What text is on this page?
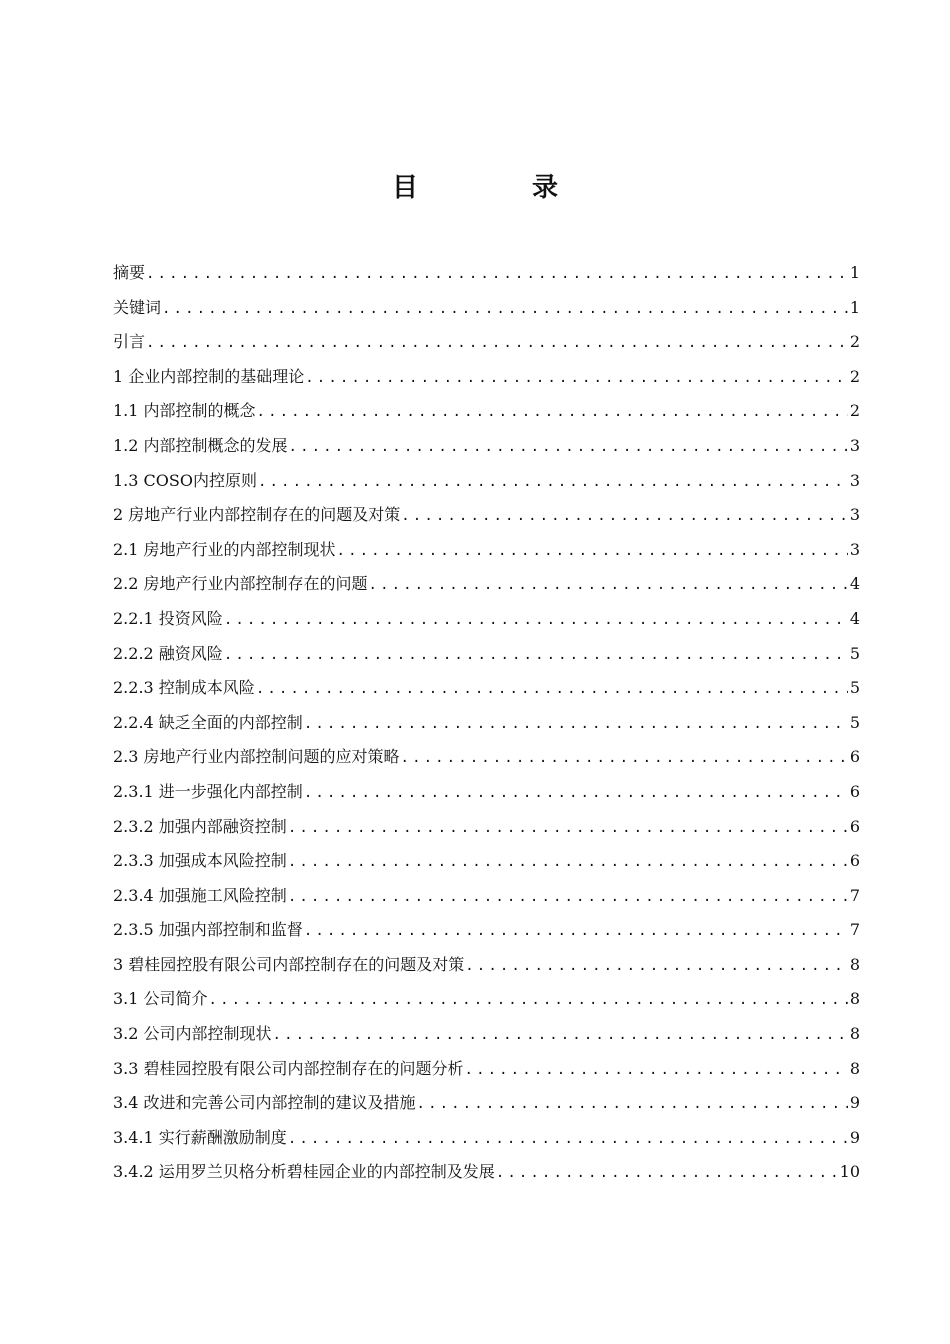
目　录
摘要 .....	1
关键词 .....	1
引言 .....	2
1 企业内部控制的基础理论 .....	2
1.1 内部控制的概念 .....	2
1.2 内部控制概念的发展 .....	3
1.3 COSO内控原则 .....	3
2 房地产行业内部控制存在的问题及对策 .....	3
2.1 房地产行业的内部控制现状 .....	3
2.2 房地产行业内部控制存在的问题 .....	4
2.2.1 投资风险 .....	4
2.2.2 融资风险 .....	5
2.2.3 控制成本风险 .....	5
2.2.4 缺乏全面的内部控制 .....	5
2.3 房地产行业内部控制问题的应对策略 .....	6
2.3.1 进一步强化内部控制 .....	6
2.3.2 加强内部融资控制 .....	6
2.3.3 加强成本风险控制 .....	6
2.3.4 加强施工风险控制 .....	7
2.3.5 加强内部控制和监督 .....	7
3 碧桂园控股有限公司内部控制存在的问题及对策 .....	8
3.1 公司简介 .....	8
3.2 公司内部控制现状 .....	8
3.3 碧桂园控股有限公司内部控制存在的问题分析 .....	8
3.4 改进和完善公司内部控制的建议及措施 .....	9
3.4.1 实行薪酬激励制度 .....	9
3.4.2 运用罗兰贝格分析碧桂园企业的内部控制及发展 .....	10
